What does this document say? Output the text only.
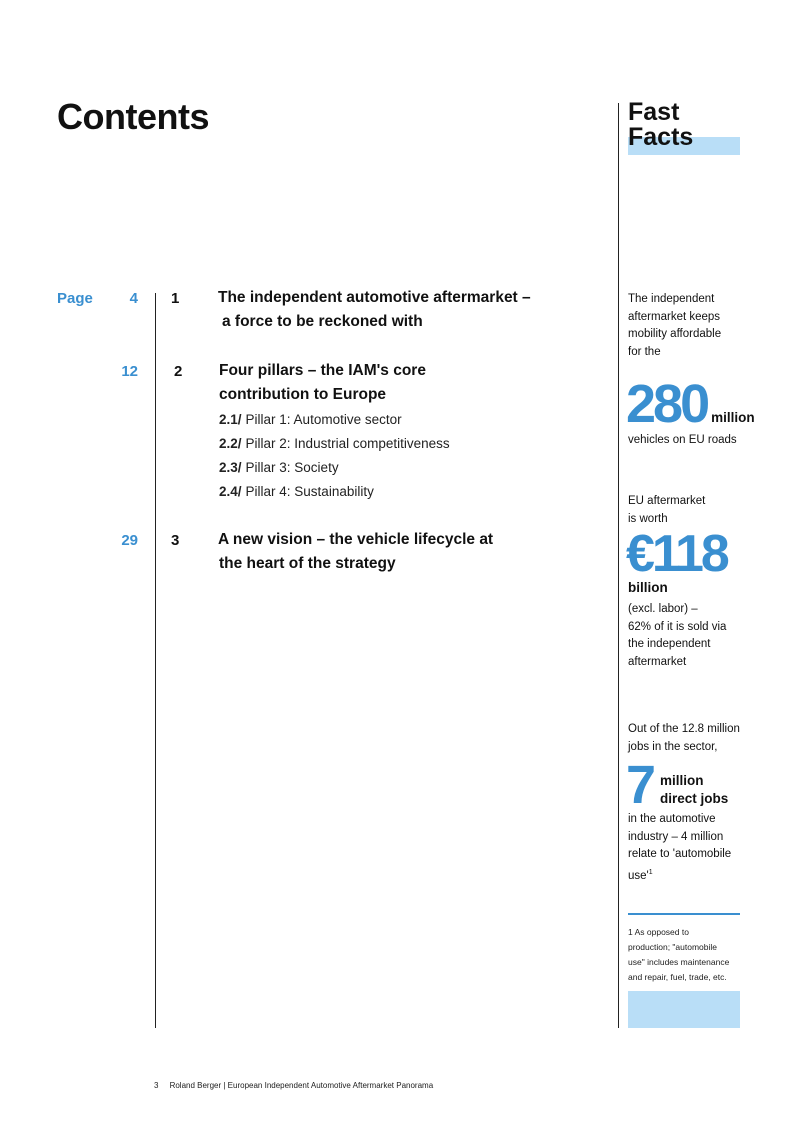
Contents
Page	4 1 The independent automotive aftermarket –
a force to be reckoned with
12 2 Four pillars – the IAM's core
contribution to Europe
2.1/ Pillar 1: Automotive sector
2.2/ Pillar 2: Industrial competitiveness
2.3/ Pillar 3: Society
2.4/ Pillar 4: Sustainability
29 3 A new vision – the vehicle lifecycle at
the heart of the strategy
Fast
Facts
The independent
aftermarket keeps
mobility affordable
for the
280 million
vehicles on EU roads
EU aftermarket
is worth
€118
billion
(excl. labor) –
62% of it is sold via
the independent
aftermarket
Out of the 12.8 million
jobs in the sector,
7 million
direct jobs
in the automotive
industry – 4 million
relate to 'automobile
$use'^1$
1 As opposed to
production; "automobile
use" includes maintenance
and repair, fuel, trade, etc.
3     Roland Berger | European Independent Automotive Aftermarket Panorama
